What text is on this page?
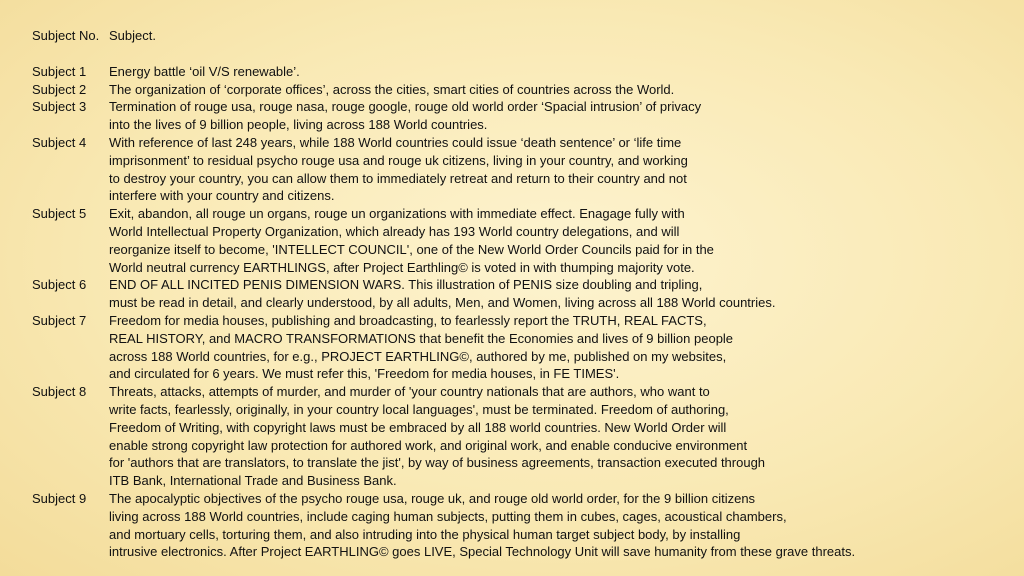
Subject No. Subject.
Subject 1	Energy battle ‘oil V/S renewable’.
Subject 2	The organization of ‘corporate offices’, across the cities, smart cities of countries across the World.
Subject 3	Termination of rouge usa, rouge nasa, rouge google, rouge old world order ‘Spacial intrusion’ of privacy
into the lives of 9 billion people, living across 188 World countries.
Subject 4	With reference of last 248 years, while 188 World countries could issue ‘death sentence’ or ‘life time
imprisonment’ to residual psycho rouge usa and rouge uk citizens, living in your country, and working
to destroy your country, you can allow them to immediately retreat and return to their country and not
interfere with your country and citizens.
Subject 5	Exit, abandon, all rouge un organs, rouge un organizations with immediate effect. Enagage fully with
World Intellectual Property Organization, which already has 193 World country delegations, and will
reorganize itself to become, 'INTELLECT COUNCIL', one of the New World Order Councils paid for in the
World neutral currency EARTHLINGS, after Project Earthling© is voted in with thumping majority vote.
Subject 6	END OF ALL INCITED PENIS DIMENSION WARS. This illustration of PENIS size doubling and tripling,
must be read in detail, and clearly understood, by all adults, Men, and Women, living across all 188 World countries.
Subject 7	Freedom for media houses, publishing and broadcasting, to fearlessly report the TRUTH, REAL FACTS,
REAL HISTORY, and MACRO TRANSFORMATIONS that benefit the Economies and lives of 9 billion people
across 188 World countries, for e.g., PROJECT EARTHLING©, authored by me, published on my websites,
and circulated for 6 years. We must refer this, 'Freedom for media houses, in FE TIMES'.
Subject 8	Threats, attacks, attempts of murder, and murder of 'your country nationals that are authors, who want to
write facts, fearlessly, originally, in your country local languages', must be terminated. Freedom of authoring,
Freedom of Writing, with copyright laws must be embraced by all 188 world countries. New World Order will
enable strong copyright law protection for authored work, and original work, and enable conducive environment
for 'authors that are translators, to translate the jist', by way of business agreements, transaction executed through
ITB Bank, International Trade and Business Bank.
Subject 9	The apocalyptic objectives of the psycho rouge usa, rouge uk, and rouge old world order, for the 9 billion citizens
living across 188 World countries, include caging human subjects, putting them in cubes, cages, acoustical chambers,
and mortuary cells, torturing them, and also intruding into the physical human target subject body, by installing
intrusive electronics. After Project EARTHLING© goes LIVE, Special Technology Unit will save humanity from these grave threats.
